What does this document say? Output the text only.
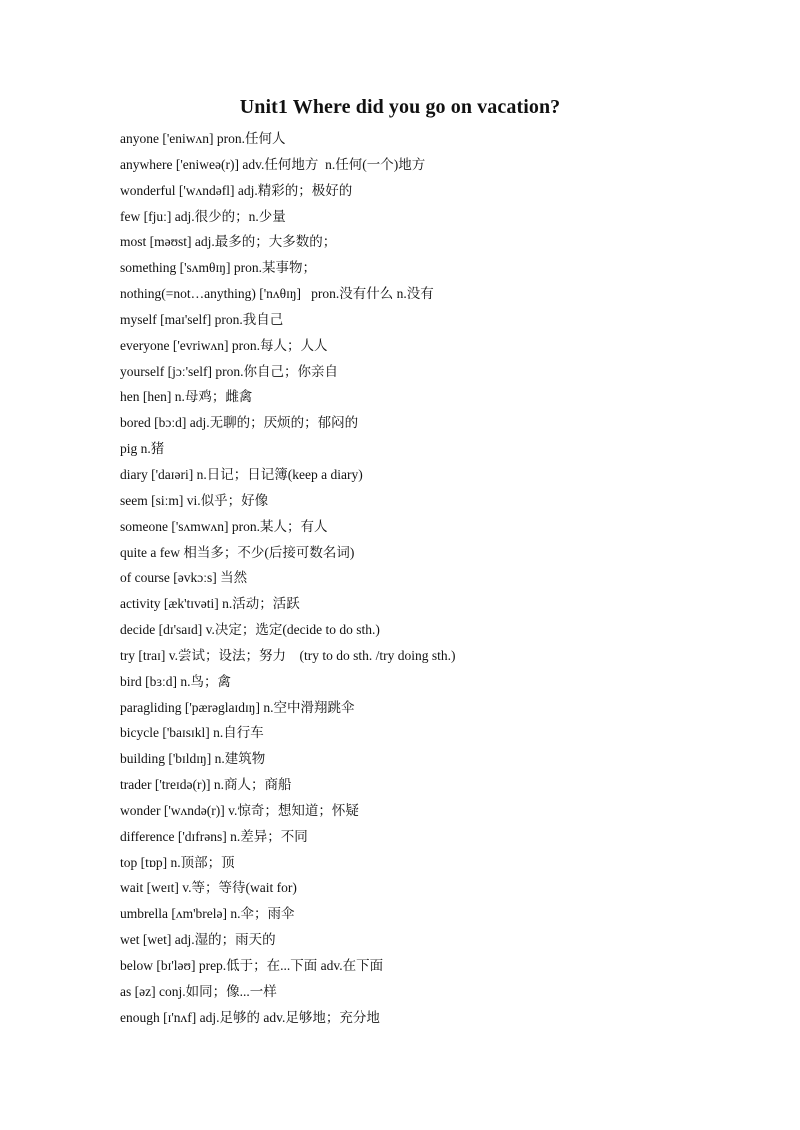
Unit1 Where did you go on vacation?
anyone ['eniwʌn] pron.任何人
anywhere ['eniweə(r)] adv.任何地方  n.任何(一个)地方
wonderful ['wʌndəfl] adj.精彩的；极好的
few [fjuː] adj.很少的；n.少量
most [məʊst] adj.最多的；大多数的；
something ['sʌmθɪŋ] pron.某事物；
nothing(=not…anything) ['nʌθɪŋ]   pron.没有什么 n.没有
myself [maɪ'self] pron.我自己
everyone ['evriwʌn] pron.每人；人人
yourself [jɔː'self] pron.你自己；你亲自
hen [hen] n.母鸡；雌禽
bored [bɔːd] adj.无聊的；厌烦的；郁闷的
pig n.猪
diary ['daɪəri] n.日记；日记簿(keep a diary)
seem [siːm] vi.似乎；好像
someone ['sʌmwʌn] pron.某人；有人
quite a few 相当多；不少(后接可数名词)
of course [əvkɔːs] 当然
activity [æk'tɪvəti] n.活动；活跃
decide [dɪ'saɪd] v.决定；选定(decide to do sth.)
try [traɪ] v.尝试；设法；努力    (try to do sth. /try doing sth.)
bird [bɜːd] n.鸟；禽
paragliding ['pærəglaɪdɪŋ] n.空中滑翔跳伞
bicycle ['baɪsɪkl] n.自行车
building ['bɪldɪŋ] n.建筑物
trader ['treɪdə(r)] n.商人；商船
wonder ['wʌndə(r)] v.惊奇；想知道；怀疑
difference ['dɪfrəns] n.差异；不同
top [tɒp] n.顶部；顶
wait [weɪt] v.等；等待(wait for)
umbrella [ʌm'brelə] n.伞；雨伞
wet [wet] adj.湿的；雨天的
below [bɪ'ləʊ] prep.低于；在...下面 adv.在下面
as [əz] conj.如同；像...一样
enough [ɪ'nʌf] adj.足够的 adv.足够地；充分地
